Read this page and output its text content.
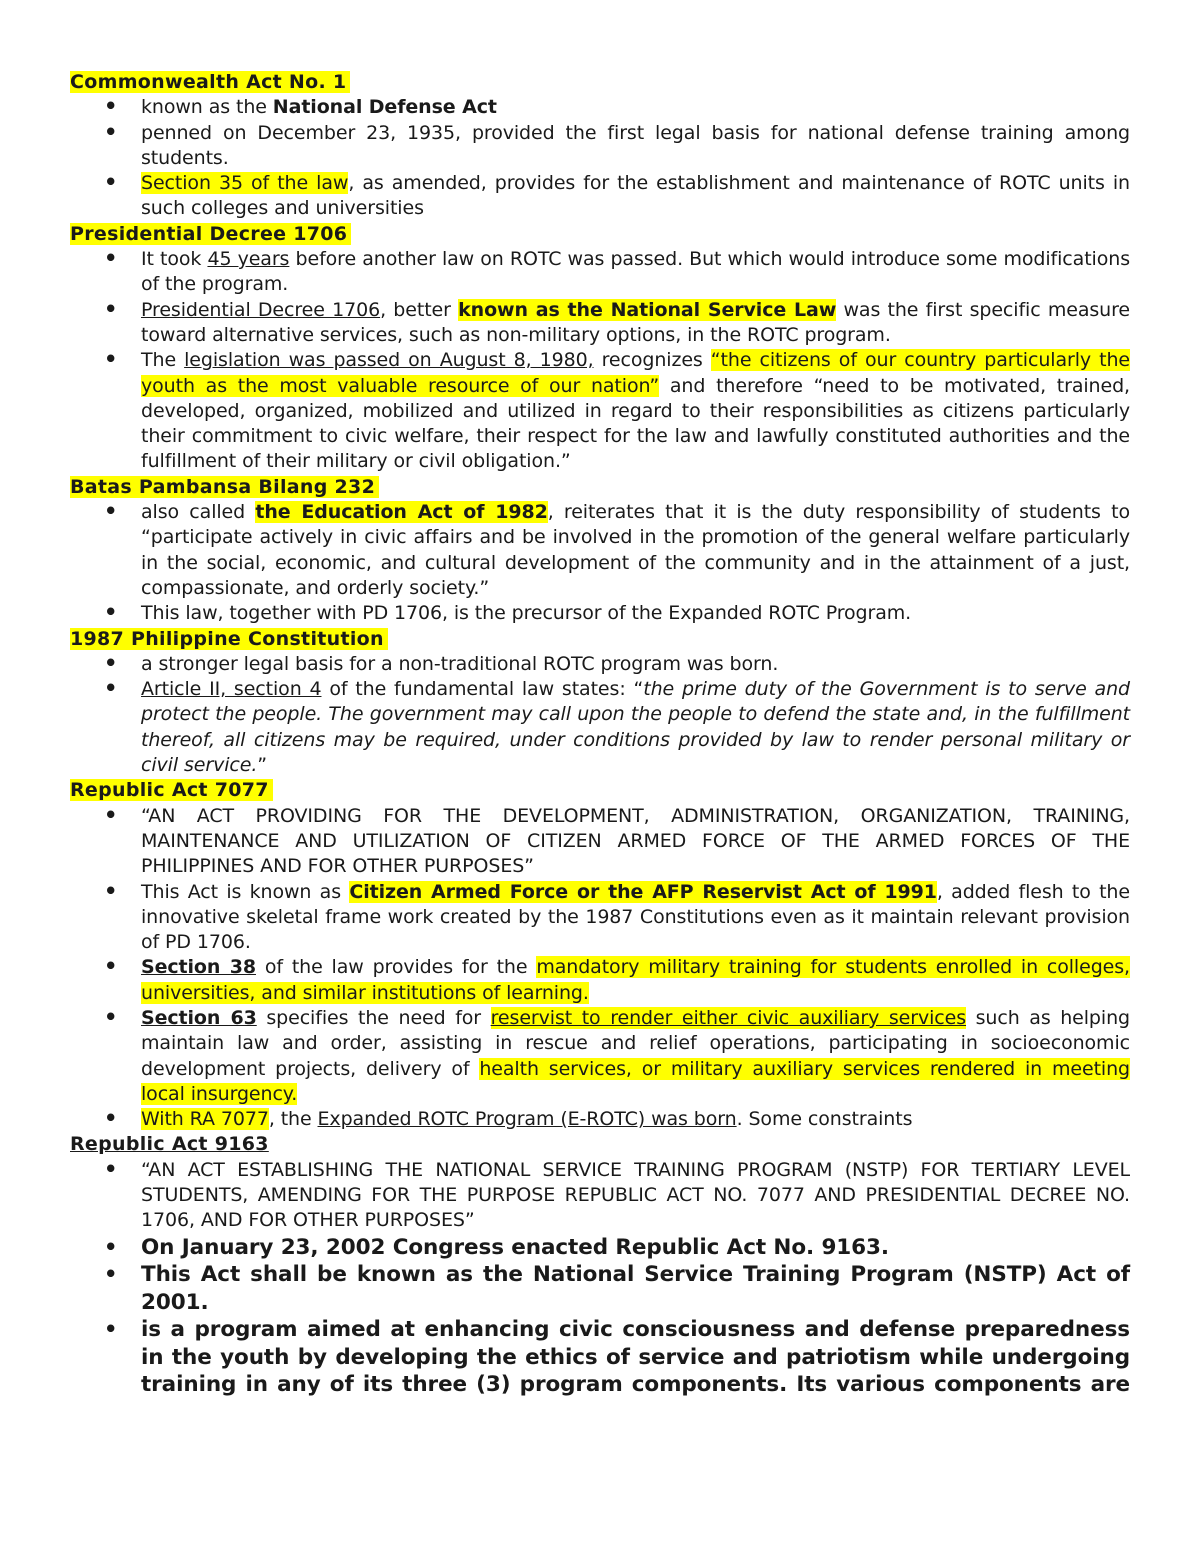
Commonwealth Act No. 1
• known as the National Defense Act
• penned on December 23, 1935, provided the first legal basis for national defense training among students.
• Section 35 of the law, as amended, provides for the establishment and maintenance of ROTC units in such colleges and universities
Presidential Decree 1706
• It took 45 years before another law on ROTC was passed. But which would introduce some modifications of the program.
• Presidential Decree 1706, better known as the National Service Law was the first specific measure toward alternative services, such as non-military options, in the ROTC program.
• The legislation was passed on August 8, 1980, recognizes “the citizens of our country particularly the youth as the most valuable resource of our nation” and therefore “need to be motivated, trained, developed, organized, mobilized and utilized in regard to their responsibilities as citizens particularly their commitment to civic welfare, their respect for the law and lawfully constituted authorities and the fulfillment of their military or civil obligation.”
Batas Pambansa Bilang 232
• also called the Education Act of 1982, reiterates that it is the duty responsibility of students to “participate actively in civic affairs and be involved in the promotion of the general welfare particularly in the social, economic, and cultural development of the community and in the attainment of a just, compassionate, and orderly society.”
• This law, together with PD 1706, is the precursor of the Expanded ROTC Program.
1987 Philippine Constitution
• a stronger legal basis for a non-traditional ROTC program was born.
• Article II, section 4 of the fundamental law states: “the prime duty of the Government is to serve and protect the people. The government may call upon the people to defend the state and, in the fulfillment thereof, all citizens may be required, under conditions provided by law to render personal military or civil service.”
Republic Act 7077
• “AN ACT PROVIDING FOR THE DEVELOPMENT, ADMINISTRATION, ORGANIZATION, TRAINING, MAINTENANCE AND UTILIZATION OF CITIZEN ARMED FORCE OF THE ARMED FORCES OF THE PHILIPPINES AND FOR OTHER PURPOSES”
• This Act is known as Citizen Armed Force or the AFP Reservist Act of 1991, added flesh to the innovative skeletal frame work created by the 1987 Constitutions even as it maintain relevant provision of PD 1706.
• Section 38 of the law provides for the mandatory military training for students enrolled in colleges, universities, and similar institutions of learning.
• Section 63 specifies the need for reservist to render either civic auxiliary services such as helping maintain law and order, assisting in rescue and relief operations, participating in socioeconomic development projects, delivery of health services, or military auxiliary services rendered in meeting local insurgency.
• With RA 7077, the Expanded ROTC Program (E-ROTC) was born. Some constraints
Republic Act 9163
• “AN ACT ESTABLISHING THE NATIONAL SERVICE TRAINING PROGRAM (NSTP) FOR TERTIARY LEVEL STUDENTS, AMENDING FOR THE PURPOSE REPUBLIC ACT NO. 7077 AND PRESIDENTIAL DECREE NO. 1706, AND FOR OTHER PURPOSES”
• On January 23, 2002 Congress enacted Republic Act No. 9163.
• This Act shall be known as the National Service Training Program (NSTP) Act of 2001.
• is a program aimed at enhancing civic consciousness and defense preparedness in the youth by developing the ethics of service and patriotism while undergoing training in any of its three (3) program components. Its various components are
